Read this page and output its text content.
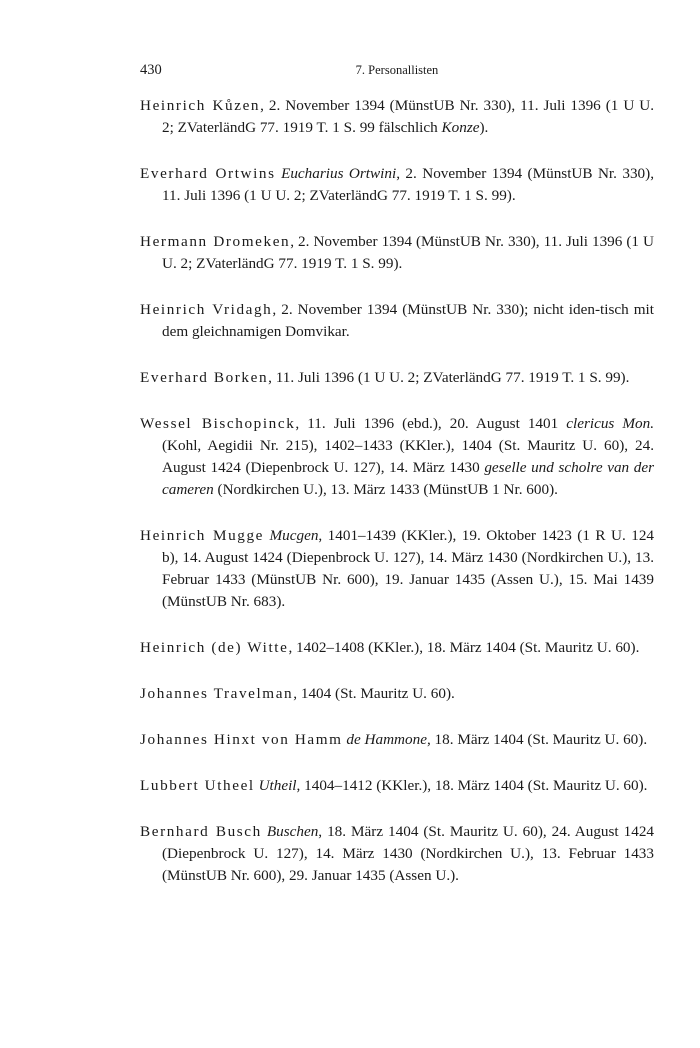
430	7. Personallisten

Heinrich Kůzen, 2. November 1394 (MünstUB Nr. 330), 11. Juli 1396 (1 U U. 2; ZVaterländG 77. 1919 T. 1 S. 99 fälschlich Konze).

Everhard Ortwins Eucharius Ortwini, 2. November 1394 (MünstUB Nr. 330), 11. Juli 1396 (1 U U. 2; ZVaterländG 77. 1919 T. 1 S. 99).

Hermann Dromeken, 2. November 1394 (MünstUB Nr. 330), 11. Juli 1396 (1 U U. 2; ZVaterländG 77. 1919 T. 1 S. 99).

Heinrich Vridagh, 2. November 1394 (MünstUB Nr. 330); nicht iden-tisch mit dem gleichnamigen Domvikar.

Everhard Borken, 11. Juli 1396 (1 U U. 2; ZVaterländG 77. 1919 T. 1 S. 99).

Wessel Bischopinck, 11. Juli 1396 (ebd.), 20. August 1401 clericus Mon. (Kohl, Aegidii Nr. 215), 1402–1433 (KKler.), 1404 (St. Mauritz U. 60), 24. August 1424 (Diepenbrock U. 127), 14. März 1430 geselle und scholre van der cameren (Nordkirchen U.), 13. März 1433 (MünstUB 1 Nr. 600).

Heinrich Mugge Mucgen, 1401–1439 (KKler.), 19. Oktober 1423 (1 R U. 124 b), 14. August 1424 (Diepenbrock U. 127), 14. März 1430 (Nordkirchen U.), 13. Februar 1433 (MünstUB Nr. 600), 19. Januar 1435 (Assen U.), 15. Mai 1439 (MünstUB Nr. 683).

Heinrich (de) Witte, 1402–1408 (KKler.), 18. März 1404 (St. Mauritz U. 60).

Johannes Travelman, 1404 (St. Mauritz U. 60).

Johannes Hinxt von Hamm de Hammone, 18. März 1404 (St. Mauritz U. 60).

Lubbert Utheel Utheil, 1404–1412 (KKler.), 18. März 1404 (St. Mauritz U. 60).

Bernhard Busch Buschen, 18. März 1404 (St. Mauritz U. 60), 24. August 1424 (Diepenbrock U. 127), 14. März 1430 (Nordkirchen U.), 13. Februar 1433 (MünstUB Nr. 600), 29. Januar 1435 (Assen U.).
